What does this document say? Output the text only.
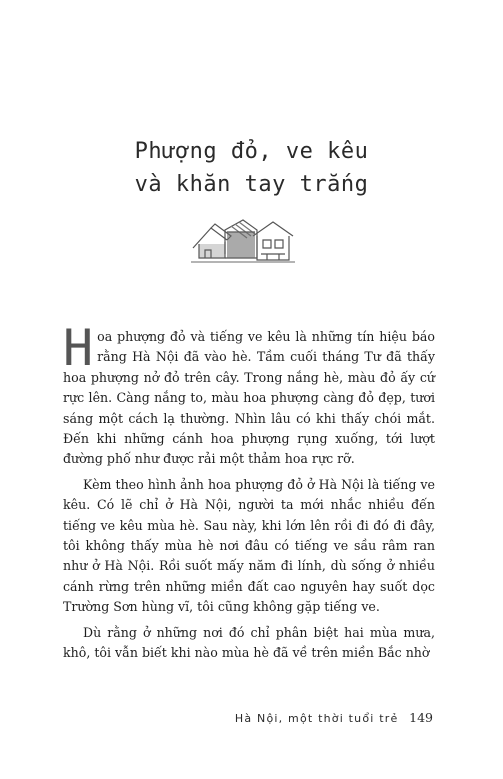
Phượng đỏ, ve kêu
và khăn tay trắng

Hoa phượng đỏ và tiếng ve kêu là những tín hiệu báo rằng Hà Nội đã vào hè. Tầm cuối tháng Tư đã thấy hoa phượng nở đỏ trên cây. Trong nắng hè, màu đỏ ấy cứ rực lên. Càng nắng to, màu hoa phượng càng đỏ đẹp, tươi sáng một cách lạ thường. Nhìn lâu có khi thấy chói mắt. Đến khi những cánh hoa phượng rụng xuống, tới lượt đường phố như được rải một thảm hoa rực rỡ.

Kèm theo hình ảnh hoa phượng đỏ ở Hà Nội là tiếng ve kêu. Có lẽ chỉ ở Hà Nội, người ta mới nhắc nhiều đến tiếng ve kêu mùa hè. Sau này, khi lớn lên rồi đi đó đi đây, tôi không thấy mùa hè nơi đâu có tiếng ve sầu râm ran như ở Hà Nội. Rồi suốt mấy năm đi lính, dù sống ở nhiều cánh rừng trên những miền đất cao nguyên hay suốt dọc Trường Sơn hùng vĩ, tôi cũng không gặp tiếng ve.

Dù rằng ở những nơi đó chỉ phân biệt hai mùa mưa, khô, tôi vẫn biết khi nào mùa hè đã về trên miền Bắc nhờ

Hà Nội, một thời tuổi trẻ 149
